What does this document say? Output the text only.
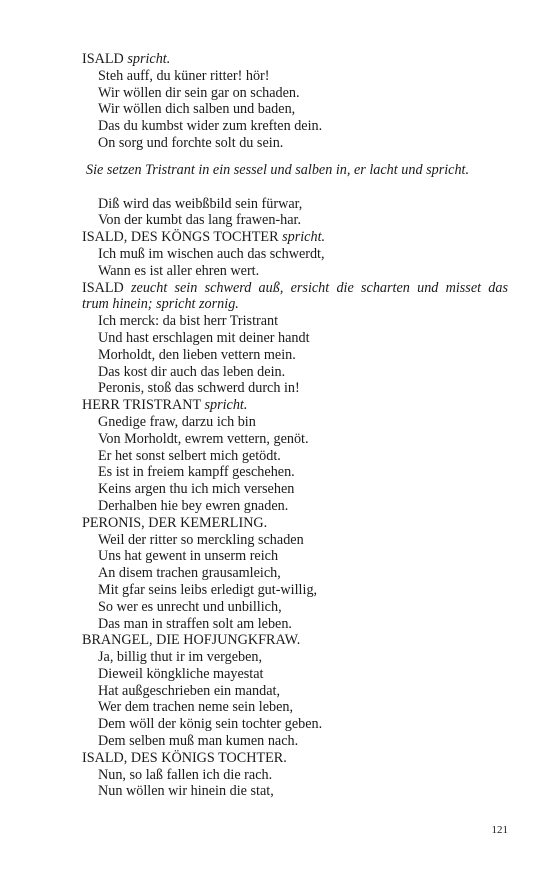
ISALD spricht.
Steh auff, du küner ritter! hör!
Wir wöllen dir sein gar on schaden.
Wir wöllen dich salben und baden,
Das du kumbst wider zum kreften dein.
On sorg und forchte solt du sein.
Sie setzen Tristrant in ein sessel und salben in, er lacht und spricht.
Diß wird das weibßbild sein fürwar,
Von der kumbt das lang frawen-har.
ISALD, DES KÖNGS TOCHTER spricht.
Ich muß im wischen auch das schwerdt,
Wann es ist aller ehren wert.
ISALD zeucht sein schwerd auß, ersicht die scharten und misset das
trum hinein; spricht zornig.
Ich merck: da bist herr Tristrant
Und hast erschlagen mit deiner handt
Morholdt, den lieben vettern mein.
Das kost dir auch das leben dein.
Peronis, stoß das schwerd durch in!
HERR TRISTRANT spricht.
Gnedige fraw, darzu ich bin
Von Morholdt, ewrem vettern, genöt.
Er het sonst selbert mich getödt.
Es ist in freiem kampff geschehen.
Keins argen thu ich mich versehen
Derhalben hie bey ewren gnaden.
PERONIS, DER KEMERLING.
Weil der ritter so merckling schaden
Uns hat gewent in unserm reich
An disem trachen grausamleich,
Mit gfar seins leibs erledigt gut-willig,
So wer es unrecht und unbillich,
Das man in straffen solt am leben.
BRANGEL, DIE HOFJUNGKFRAW.
Ja, billig thut ir im vergeben,
Dieweil köngkliche mayestat
Hat außgeschrieben ein mandat,
Wer dem trachen neme sein leben,
Dem wöll der könig sein tochter geben.
Dem selben muß man kumen nach.
ISALD, DES KÖNIGS TOCHTER.
Nun, so laß fallen ich die rach.
Nun wöllen wir hinein die stat,
121
